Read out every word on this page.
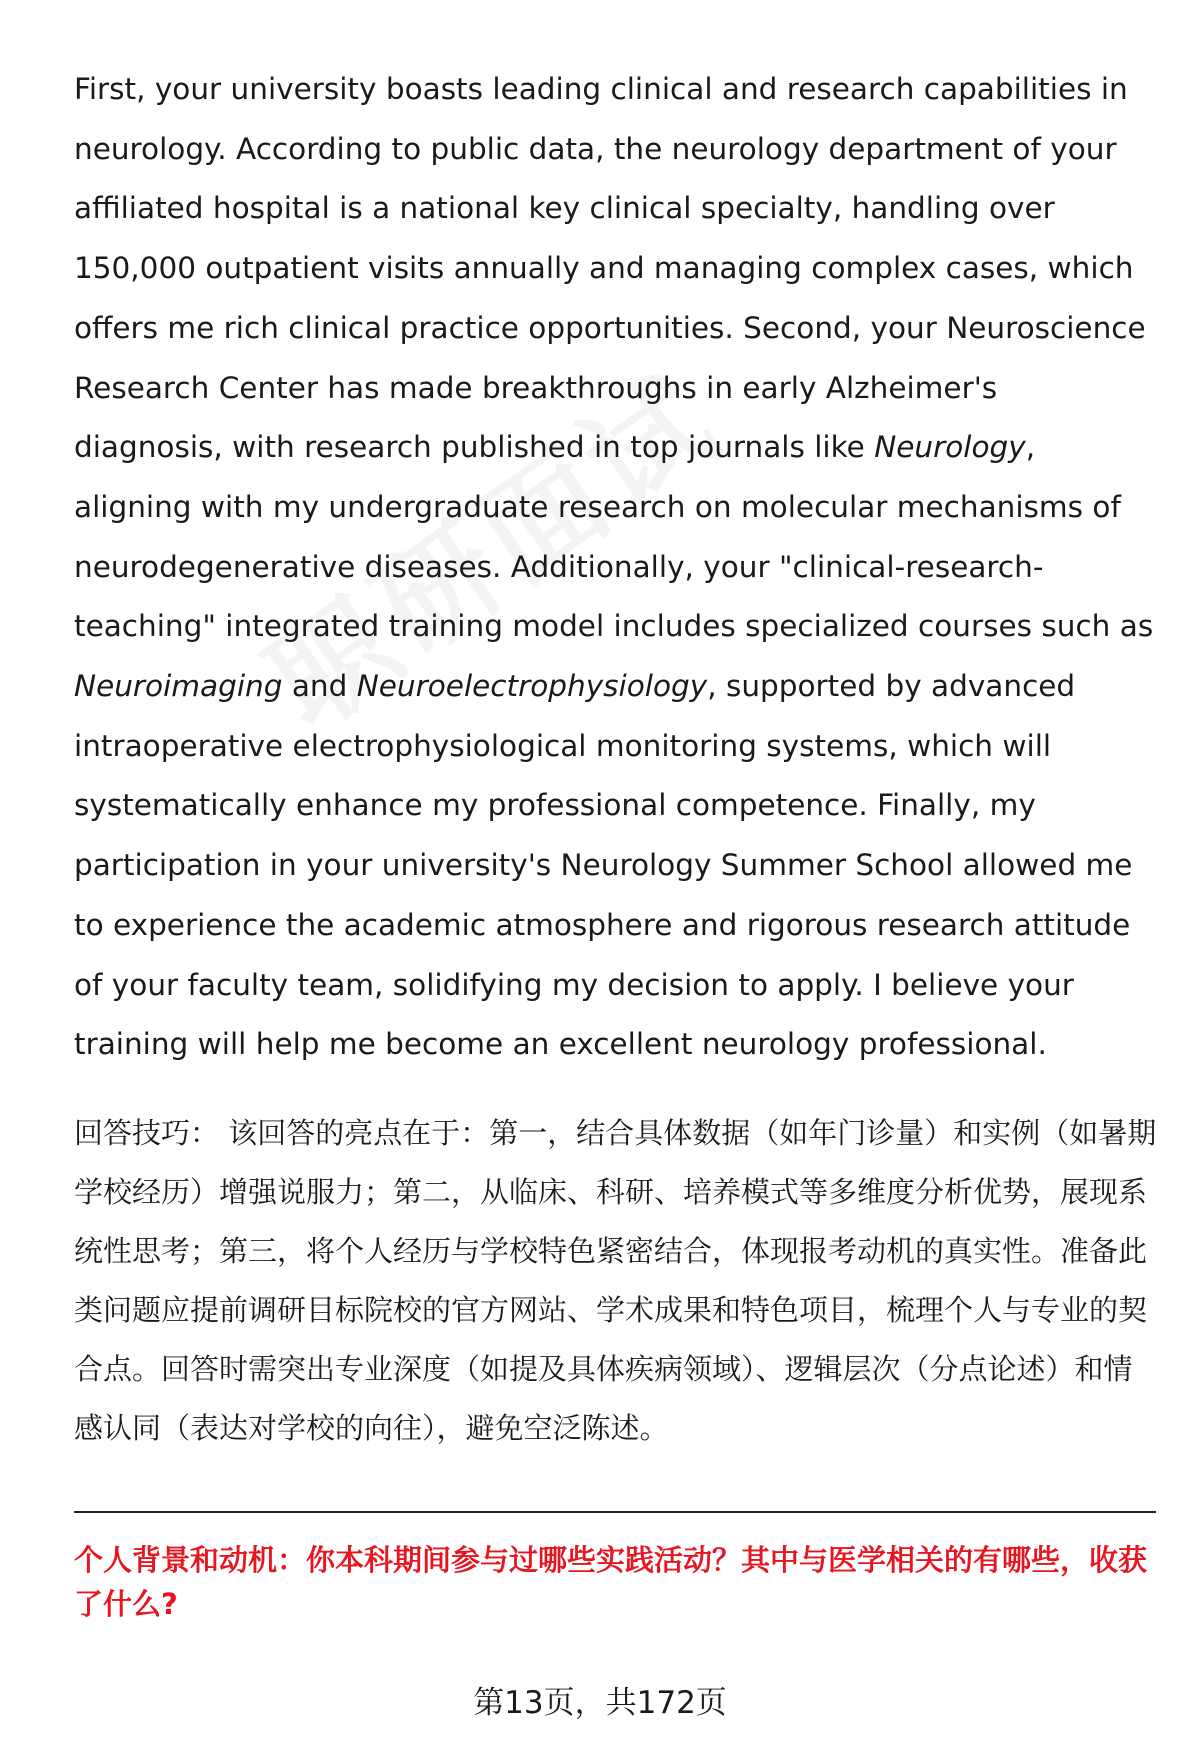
First, your university boasts leading clinical and research capabilities in neurology. According to public data, the neurology department of your affiliated hospital is a national key clinical specialty, handling over 150,000 outpatient visits annually and managing complex cases, which offers me rich clinical practice opportunities. Second, your Neuroscience Research Center has made breakthroughs in early Alzheimer's diagnosis, with research published in top journals like Neurology, aligning with my undergraduate research on molecular mechanisms of neurodegenerative diseases. Additionally, your "clinical-research-teaching" integrated training model includes specialized courses such as Neuroimaging and Neuroelectrophysiology, supported by advanced intraoperative electrophysiological monitoring systems, which will systematically enhance my professional competence. Finally, my participation in your university's Neurology Summer School allowed me to experience the academic atmosphere and rigorous research attitude of your faculty team, solidifying my decision to apply. I believe your training will help me become an excellent neurology professional.

回答技巧： 该回答的亮点在于：第一，结合具体数据（如年门诊量）和实例（如暑期学校经历）增强说服力；第二，从临床、科研、培养模式等多维度分析优势，展现系统性思考；第三，将个人经历与学校特色紧密结合，体现报考动机的真实性。准备此类问题应提前调研目标院校的官方网站、学术成果和特色项目，梳理个人与专业的契合点。回答时需突出专业深度（如提及具体疾病领域）、逻辑层次（分点论述）和情感认同（表达对学校的向往），避免空泛陈述。

个人背景和动机：你本科期间参与过哪些实践活动？其中与医学相关的有哪些，收获了什么?

第13页，共172页
